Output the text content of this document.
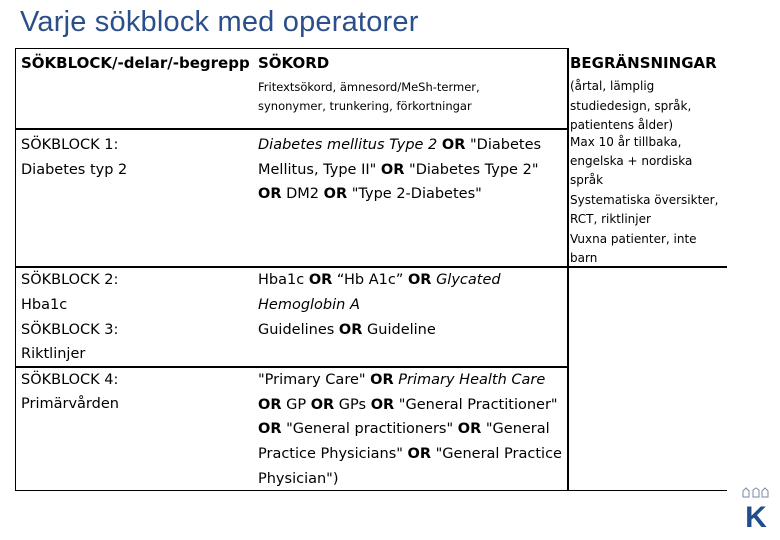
Varje sökblock med operatorer
SÖKBLOCK/-delar/-begrepp SÖKORD
Fritextsökord, ämnesord/MeSh-termer,
synonymer, trunkering, förkortningar
BEGRÄNSNINGAR
(årtal, lämplig
studiedesign, språk,
patientens ålder)
Max 10 år tillbaka,
engelska + nordiska
språk
Systematiska översikter,
RCT, riktlinjer
Vuxna patienter, inte
barn
SÖKBLOCK 1:
Diabetes typ 2
Diabetes mellitus Type 2 OR "Diabetes
Mellitus, Type II" OR "Diabetes Type 2"
OR DM2 OR "Type 2-Diabetes"
SÖKBLOCK 2:
Hba1c
Hba1c OR “Hb A1c” OR Glycated
Hemoglobin A
SÖKBLOCK 3:
Riktlinjer
Guidelines OR Guideline
SÖKBLOCK 4:
Primärvården
"Primary Care" OR Primary Health Care
OR GP OR GPs OR "General Practitioner"
OR "General practitioners" OR "General
Practice Physicians" OR "General Practice
Physician")
K
